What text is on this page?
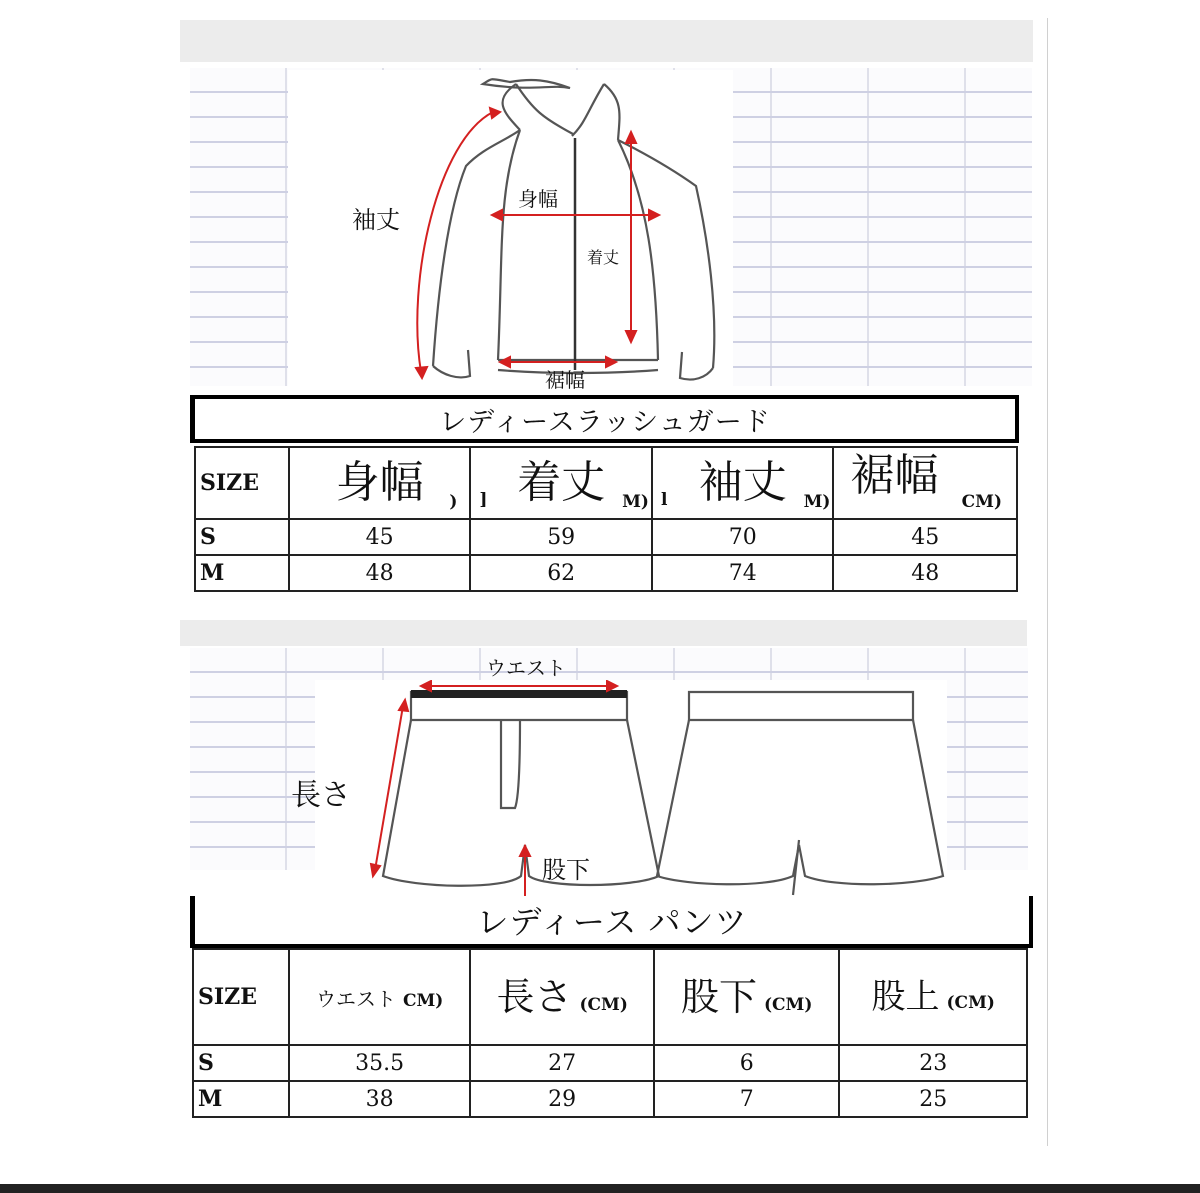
袖丈
身幅
着丈
裾幅
レディースラッシュガード
SIZE	身幅 )	] 着丈 M)	l 袖丈 M)	裾幅
CM)

S	45	59	70	45
M	48	62	74	48
ウエスト
長さ
股下
レディース パンツ
SIZE	ウエスト CM)	長さ (CM)	股下 (CM)	股上 (CM)
S	35.5	27	6	23
M	38	29	7	25
